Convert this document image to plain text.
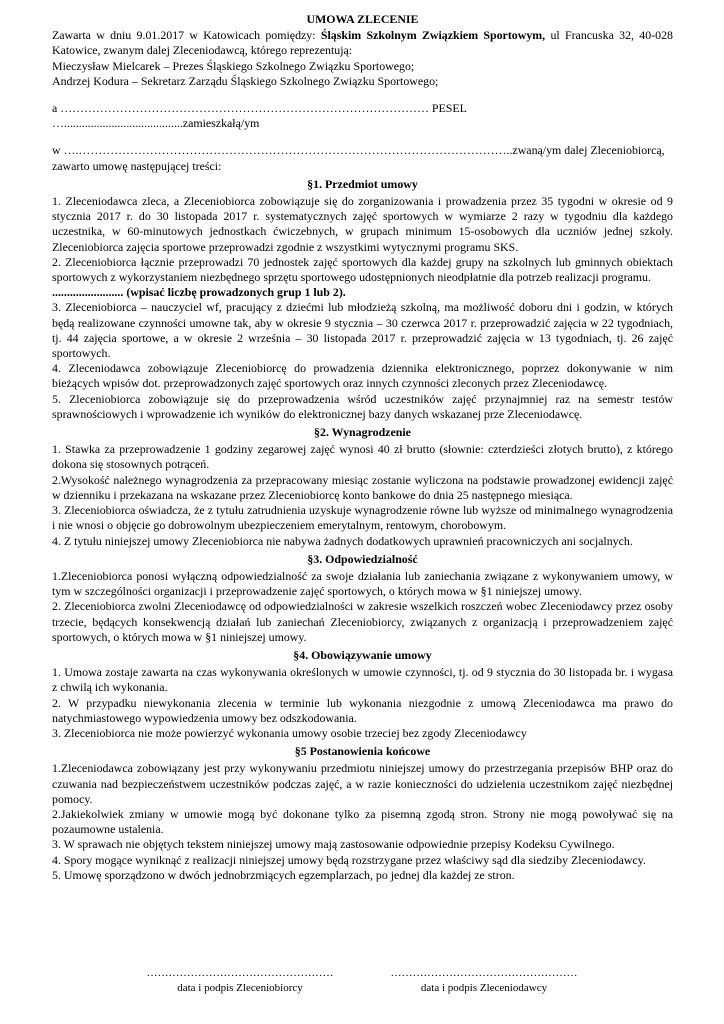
UMOWA ZLECENIE

Zawarta w dniu 9.01.2017 w Katowicach pomiędzy: Śląskim Szkolnym Związkiem Sportowym, ul Francuska 32, 40-028 Katowice, zwanym dalej Zleceniodawcą, którego reprezentują:

Mieczysław Mielcarek – Prezes Śląskiego Szkolnego Związku Sportowego;

Andrzej Kodura – Sekretarz Zarządu Śląskiego Szkolnego Związku Sportowego;

a ………………………………………………………………………………… PESEL …........................................zamieszkałą/ym

w ….………………………………………………………………………………………………..zwaną/ym dalej Zleceniobiorcą,

zawarto umowę następującej treści:

§1. Przedmiot umowy

1. Zleceniodawca zleca, a Zleceniobiorca zobowiązuje się do zorganizowania i prowadzenia przez 35 tygodni w okresie od 9 stycznia 2017 r. do 30 listopada 2017 r. systematycznych zajęć sportowych w wymiarze 2 razy w tygodniu dla każdego uczestnika, w 60-minutowych jednostkach ćwiczebnych, w grupach minimum 15-osobowych dla uczniów jednej szkoły. Zleceniobiorca zajęcia sportowe przeprowadzi zgodnie z wszystkimi wytycznymi programu SKS.

2. Zleceniobiorca łącznie przeprowadzi 70 jednostek zajęć sportowych dla każdej grupy na szkolnych lub gminnych obiektach sportowych z wykorzystaniem niezbędnego sprzętu sportowego udostępnionych nieodpłatnie dla potrzeb realizacji programu.

........................ (wpisać liczbę prowadzonych grup 1 lub 2).

3. Zleceniobiorca – nauczyciel wf, pracujący z dziećmi lub młodzieżą szkolną, ma możliwość doboru dni i godzin, w których będą realizowane czynności umowne tak, aby w okresie 9 stycznia – 30 czerwca 2017 r. przeprowadzić zajęcia w 22 tygodniach, tj. 44 zajęcia sportowe, a w okresie 2 września – 30 listopada 2017 r. przeprowadzić zajęcia w 13 tygodniach, tj. 26 zajęć sportowych.

4. Zleceniodawca zobowiązuje Zleceniobiorcę do prowadzenia dziennika elektronicznego, poprzez dokonywanie w nim bieżących wpisów dot. przeprowadzonych zajęć sportowych oraz innych czynności zleconych przez Zleceniodawcę.

5. Zleceniobiorca zobowiązuje się do przeprowadzenia wśród uczestników zajęć przynajmniej raz na semestr testów sprawnościowych i wprowadzenie ich wyników do elektronicznej bazy danych wskazanej prze Zleceniodawcę.

§2. Wynagrodzenie

1. Stawka za przeprowadzenie 1 godziny zegarowej zajęć wynosi 40 zł brutto (słownie: czterdzieści złotych brutto), z którego dokona się stosownych potrąceń.

2.Wysokość należnego wynagrodzenia za przepracowany miesiąc zostanie wyliczona na podstawie prowadzonej ewidencji zajęć w dzienniku i przekazana na wskazane przez Zleceniobiorcę konto bankowe do dnia 25 następnego miesiąca.

3. Zleceniobiorca oświadcza, że z tytułu zatrudnienia uzyskuje wynagrodzenie równe lub wyższe od minimalnego wynagrodzenia i nie wnosi o objęcie go dobrowolnym ubezpieczeniem emerytalnym, rentowym, chorobowym.

4. Z tytułu niniejszej umowy Zleceniobiorca nie nabywa żadnych dodatkowych uprawnień pracowniczych ani socjalnych.

§3. Odpowiedzialność

1.Zleceniobiorca ponosi wyłączną odpowiedzialność za swoje działania lub zaniechania związane z wykonywaniem umowy, w tym w szczególności organizacji i przeprowadzenie zajęć sportowych, o których mowa w §1 niniejszej umowy.

2. Zleceniobiorca zwolni Zleceniodawcę od odpowiedzialności w zakresie wszelkich roszczeń wobec Zleceniodawcy przez osoby trzecie, będących konsekwencją działań lub zaniechań Zleceniobiorcy, związanych z organizacją i przeprowadzeniem zajęć sportowych, o których mowa w §1 niniejszej umowy.

§4. Obowiązywanie umowy

1. Umowa zostaje zawarta na czas wykonywania określonych w umowie czynności, tj. od 9 stycznia do 30 listopada br. i wygasa z chwilą ich wykonania.

2. W przypadku niewykonania zlecenia w terminie lub wykonania niezgodnie z umową Zleceniodawca ma prawo do natychmiastowego wypowiedzenia umowy bez odszkodowania.

3. Zleceniobiorca nie może powierzyć wykonania umowy osobie trzeciej bez zgody Zleceniodawcy

§5 Postanowienia końcowe

1.Zleceniodawca zobowiązany jest przy wykonywaniu przedmiotu niniejszej umowy do przestrzegania przepisów BHP oraz do czuwania nad bezpieczeństwem uczestników podczas zajęć, a w razie konieczności do udzielenia uczestnikom zajęć niezbędnej pomocy.

2.Jakiekolwiek zmiany w umowie mogą być dokonane tylko za pisemną zgodą stron. Strony nie mogą powoływać się na pozaumowne ustalenia.

3. W sprawach nie objętych tekstem niniejszej umowy mają zastosowanie odpowiednie przepisy Kodeksu Cywilnego.

4. Spory mogące wyniknąć z realizacji niniejszej umowy będą rozstrzygane przez właściwy sąd dla siedziby Zleceniodawcy.

5. Umowę sporządzono w dwóch jednobrzmiących egzemplarzach, po jednej dla każdej ze stron.

……………………………………………
data i podpis Zleceniobiorcy
……………………………………………
data i podpis Zleceniodawcy
